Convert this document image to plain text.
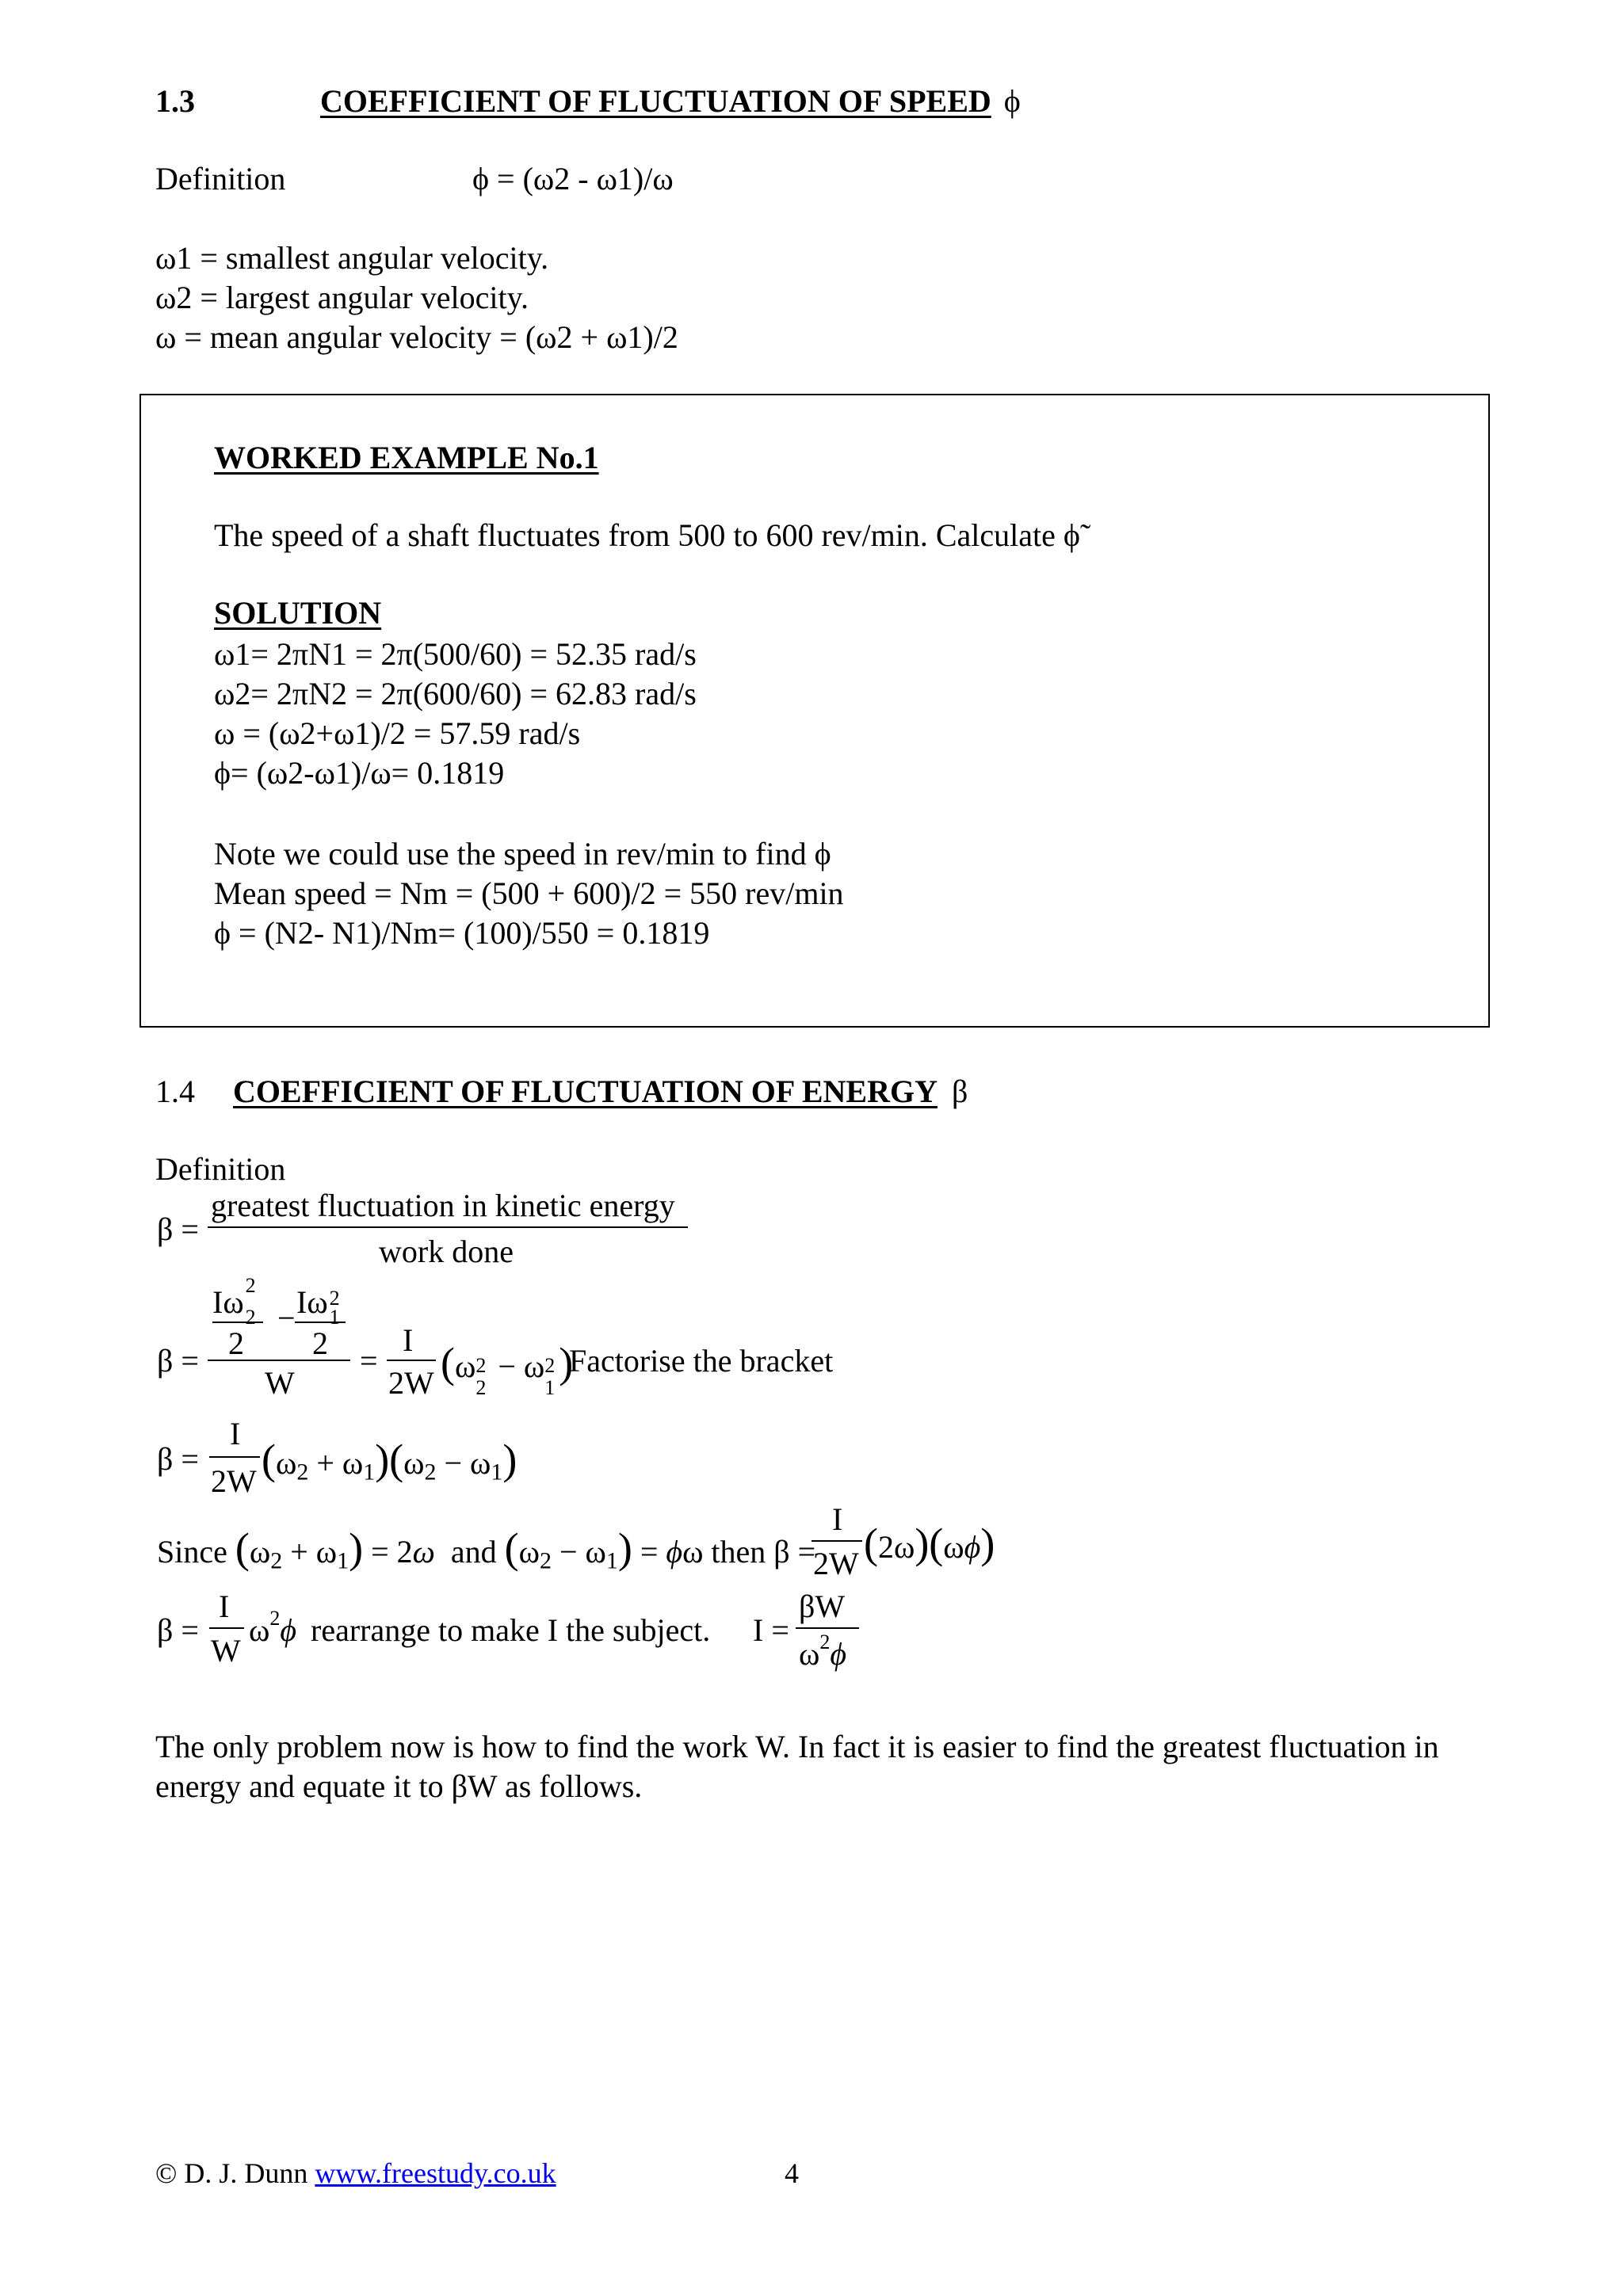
1.3	COEFFICIENT OF FLUCTUATION OF SPEED ϕ
Definition	ϕ = (ω2 - ω1)/ω
ω1 = smallest angular velocity.
ω2 = largest angular velocity.
ω = mean angular velocity = (ω2 + ω1)/2
WORKED EXAMPLE No.1
The speed of a shaft fluctuates from 500 to 600 rev/min. Calculate ϕ̃
SOLUTION
ω1= 2πN1 = 2π(500/60) = 52.35 rad/s
ω2= 2πN2 = 2π(600/60) = 62.83 rad/s
ω = (ω2+ω1)/2 = 57.59 rad/s
ϕ= (ω2-ω1)/ω= 0.1819
Note we could use the speed in rev/min to find ϕ
Mean speed = Nm = (500 + 600)/2 = 550 rev/min
ϕ = (N2- N1)/Nm= (100)/550 = 0.1819
1.4 COEFFICIENT OF FLUCTUATION OF ENERGY β
Definition
β =
greatest fluctuation in kinetic energy
work done
β =
Iω 2
2 − Iω 2
1
2 2
W
=
I
2W (ω 2
2
− ω 2
1
)
Factorise the bracket
β =
I
2W $(\omega_2 + \omega_1)(\omega_2 - \omega_1)$
Since $(\omega_2 + \omega_1) = 2\omega$ and $(\omega_2 - \omega_1) = \phi\omega$ then β =
I
2W (2ω)(ωϕ)
β =
I
W
$\omega^2\phi$ rearrange to make I the subject. I =
βW
$\omega^2\phi$
The only problem now is how to find the work W. In fact it is easier to find the greatest fluctuation in energy and equate it to βW as follows.
© D. J. Dunn www.freestudy.co.uk	4
